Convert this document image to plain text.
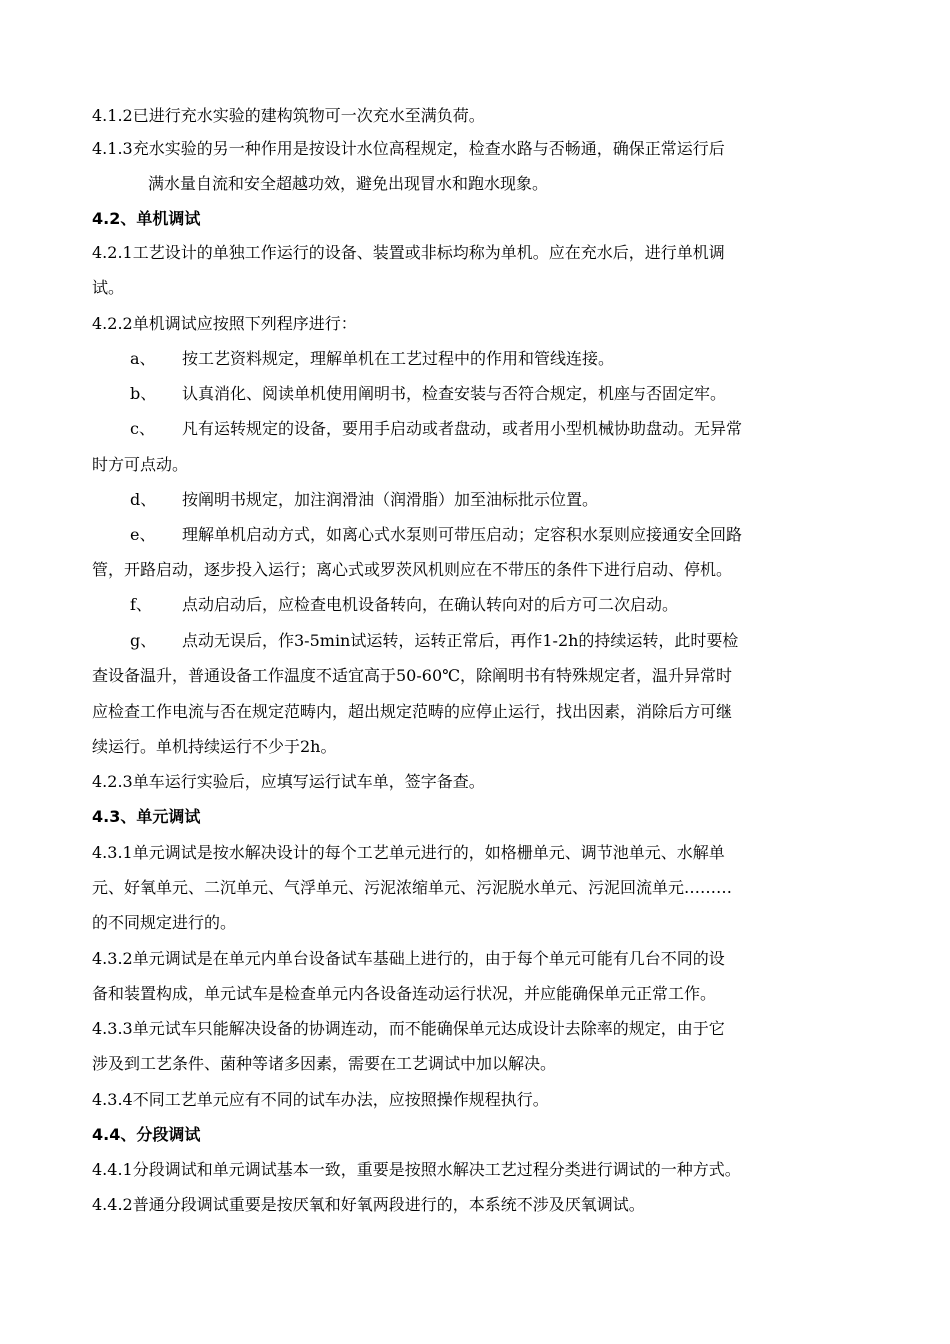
4.1.2已进行充水实验的建构筑物可一次充水至满负荷。
4.1.3充水实验的另一种作用是按设计水位高程规定，检查水路与否畅通，确保正常运行后
满水量自流和安全超越功效，避免出现冒水和跑水现象。
4.2、单机调试
4.2.1工艺设计的单独工作运行的设备、装置或非标均称为单机。应在充水后，进行单机调
试。
4.2.2单机调试应按照下列程序进行：
a、 按工艺资料规定，理解单机在工艺过程中的作用和管线连接。
b、 认真消化、阅读单机使用阐明书，检查安装与否符合规定，机座与否固定牢。
c、 凡有运转规定的设备，要用手启动或者盘动，或者用小型机械协助盘动。无异常
时方可点动。
d、 按阐明书规定，加注润滑油（润滑脂）加至油标批示位置。
e、 理解单机启动方式，如离心式水泵则可带压启动；定容积水泵则应接通安全回路
管，开路启动，逐步投入运行；离心式或罗茨风机则应在不带压的条件下进行启动、停机。
f、 点动启动后，应检查电机设备转向，在确认转向对的后方可二次启动。
g、 点动无误后，作3-5min试运转，运转正常后，再作1-2h的持续运转，此时要检
查设备温升，普通设备工作温度不适宜高于50-60℃，除阐明书有特殊规定者，温升异常时
应检查工作电流与否在规定范畴内，超出规定范畴的应停止运行，找出因素，消除后方可继
续运行。单机持续运行不少于2h。
4.2.3单车运行实验后，应填写运行试车单，签字备查。
4.3、单元调试
4.3.1单元调试是按水解决设计的每个工艺单元进行的，如格栅单元、调节池单元、水解单
元、好氧单元、二沉单元、气浮单元、污泥浓缩单元、污泥脱水单元、污泥回流单元………
的不同规定进行的。
4.3.2单元调试是在单元内单台设备试车基础上进行的，由于每个单元可能有几台不同的设
备和装置构成，单元试车是检查单元内各设备连动运行状况，并应能确保单元正常工作。
4.3.3单元试车只能解决设备的协调连动，而不能确保单元达成设计去除率的规定，由于它
涉及到工艺条件、菌种等诸多因素，需要在工艺调试中加以解决。
4.3.4不同工艺单元应有不同的试车办法，应按照操作规程执行。
4.4、分段调试
4.4.1分段调试和单元调试基本一致，重要是按照水解决工艺过程分类进行调试的一种方式。
4.4.2普通分段调试重要是按厌氧和好氧两段进行的，本系统不涉及厌氧调试。
